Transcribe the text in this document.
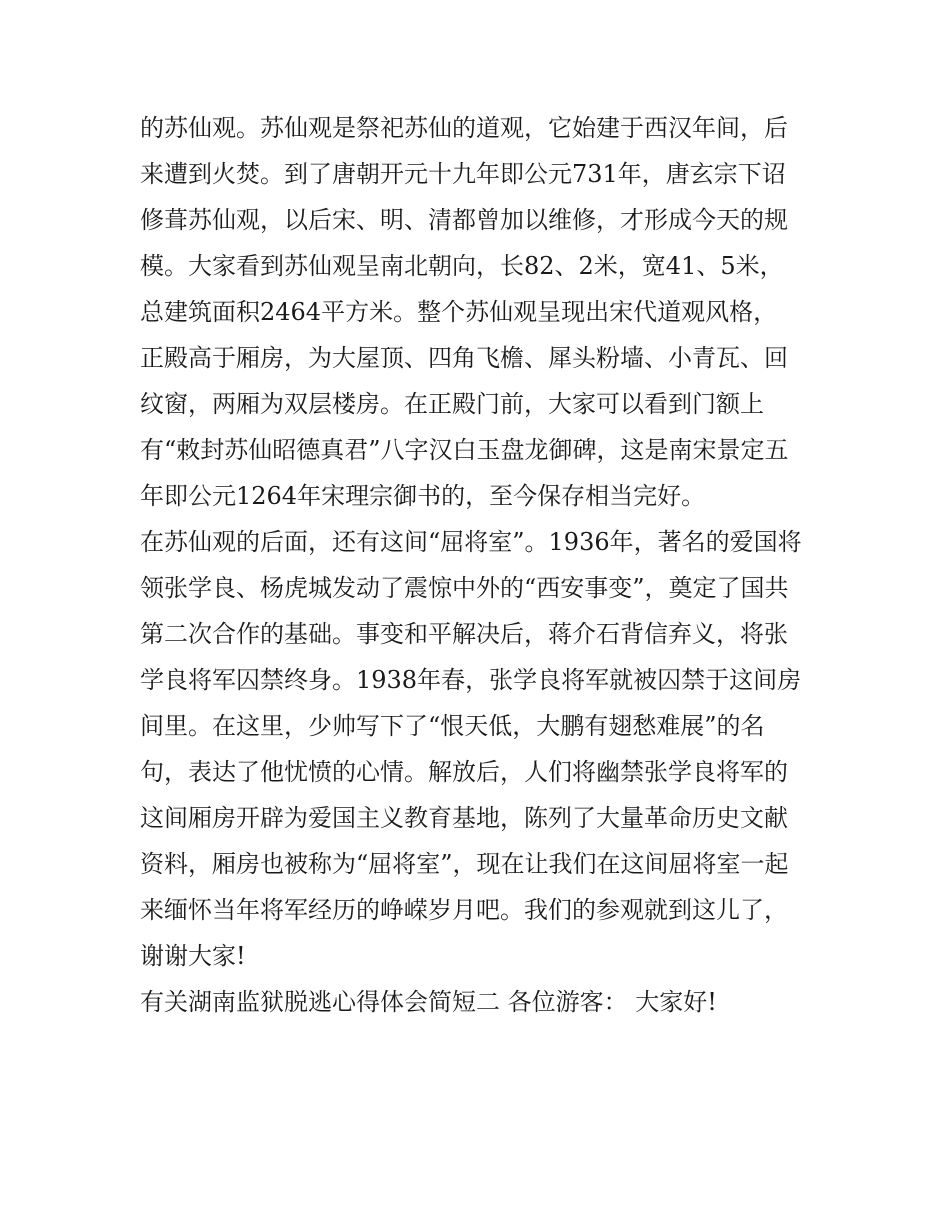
的苏仙观。苏仙观是祭祀苏仙的道观，它始建于西汉年间，后
来遭到火焚。到了唐朝开元十九年即公元731年，唐玄宗下诏
修葺苏仙观，以后宋、明、清都曾加以维修，才形成今天的规
模。大家看到苏仙观呈南北朝向，长82、2米，宽41、5米，
总建筑面积2464平方米。整个苏仙观呈现出宋代道观风格，
正殿高于厢房，为大屋顶、四角飞檐、犀头粉墙、小青瓦、回
纹窗，两厢为双层楼房。在正殿门前，大家可以看到门额上
有“敕封苏仙昭德真君”八字汉白玉盘龙御碑，这是南宋景定五
年即公元1264年宋理宗御书的，至今保存相当完好。
在苏仙观的后面，还有这间“屈将室”。1936年，著名的爱国将
领张学良、杨虎城发动了震惊中外的“西安事变”，奠定了国共
第二次合作的基础。事变和平解决后，蒋介石背信弃义，将张
学良将军囚禁终身。1938年春，张学良将军就被囚禁于这间房
间里。在这里，少帅写下了“恨天低，大鹏有翅愁难展”的名
句，表达了他忧愤的心情。解放后，人们将幽禁张学良将军的
这间厢房开辟为爱国主义教育基地，陈列了大量革命历史文献
资料，厢房也被称为“屈将室”，现在让我们在这间屈将室一起
来缅怀当年将军经历的峥嵘岁月吧。我们的参观就到这儿了，
谢谢大家!
有关湖南监狱脱逃心得体会简短二 各位游客： 大家好!
